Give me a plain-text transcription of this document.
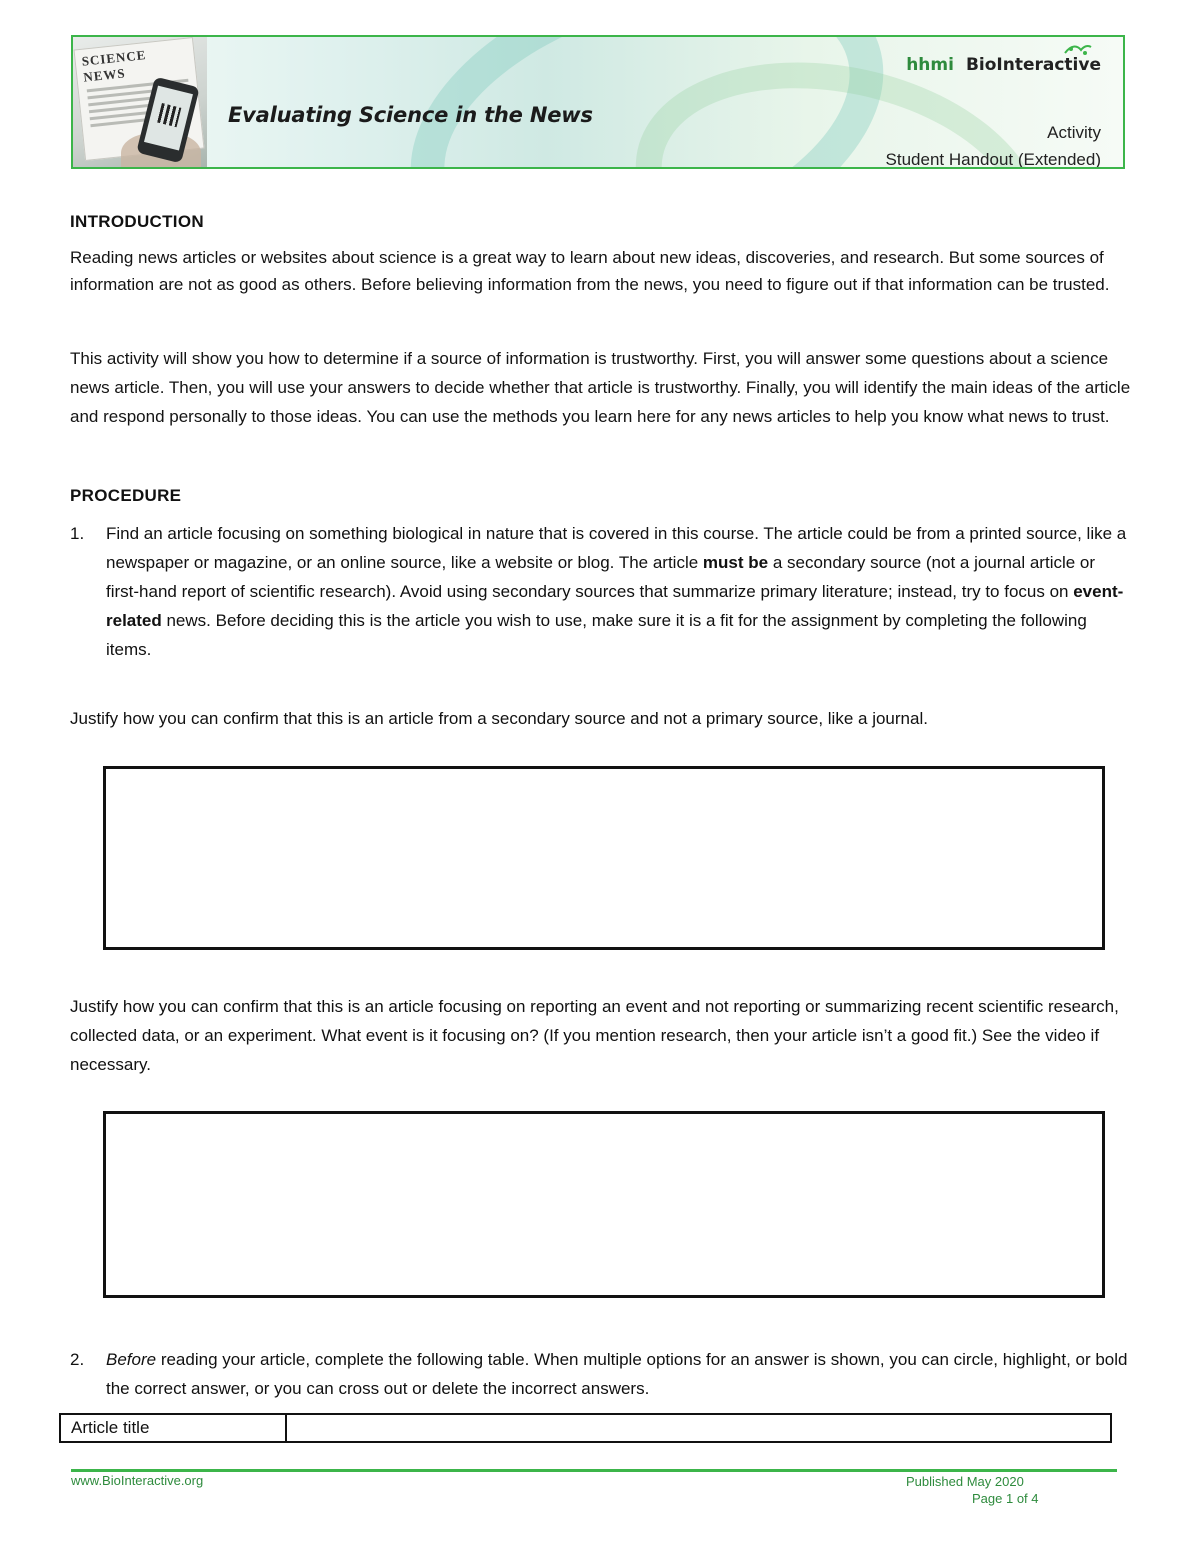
SCIENCE NEWS
Evaluating Science in the News
hhmi BioInteractive
Activity
Student Handout (Extended)
INTRODUCTION
Reading news articles or websites about science is a great way to learn about new ideas, discoveries, and research. But some sources of information are not as good as others. Before believing information from the news, you need to figure out if that information can be trusted.
This activity will show you how to determine if a source of information is trustworthy. First, you will answer some questions about a science news article. Then, you will use your answers to decide whether that article is trustworthy. Finally, you will identify the main ideas of the article and respond personally to those ideas. You can use the methods you learn here for any news articles to help you know what news to trust.
PROCEDURE
1. Find an article focusing on something biological in nature that is covered in this course. The article could be from a printed source, like a newspaper or magazine, or an online source, like a website or blog. The article must be a secondary source (not a journal article or first-hand report of scientific research). Avoid using secondary sources that summarize primary literature; instead, try to focus on event-related news. Before deciding this is the article you wish to use, make sure it is a fit for the assignment by completing the following items.
Justify how you can confirm that this is an article from a secondary source and not a primary source, like a journal.
Justify how you can confirm that this is an article focusing on reporting an event and not reporting or summarizing recent scientific research, collected data, or an experiment. What event is it focusing on? (If you mention research, then your article isn’t a good fit.) See the video if necessary.
2. Before reading your article, complete the following table. When multiple options for an answer is shown, you can circle, highlight, or bold the correct answer, or you can cross out or delete the incorrect answers.
Article title
www.BioInteractive.org	Published May 2020
Page 1 of 4
